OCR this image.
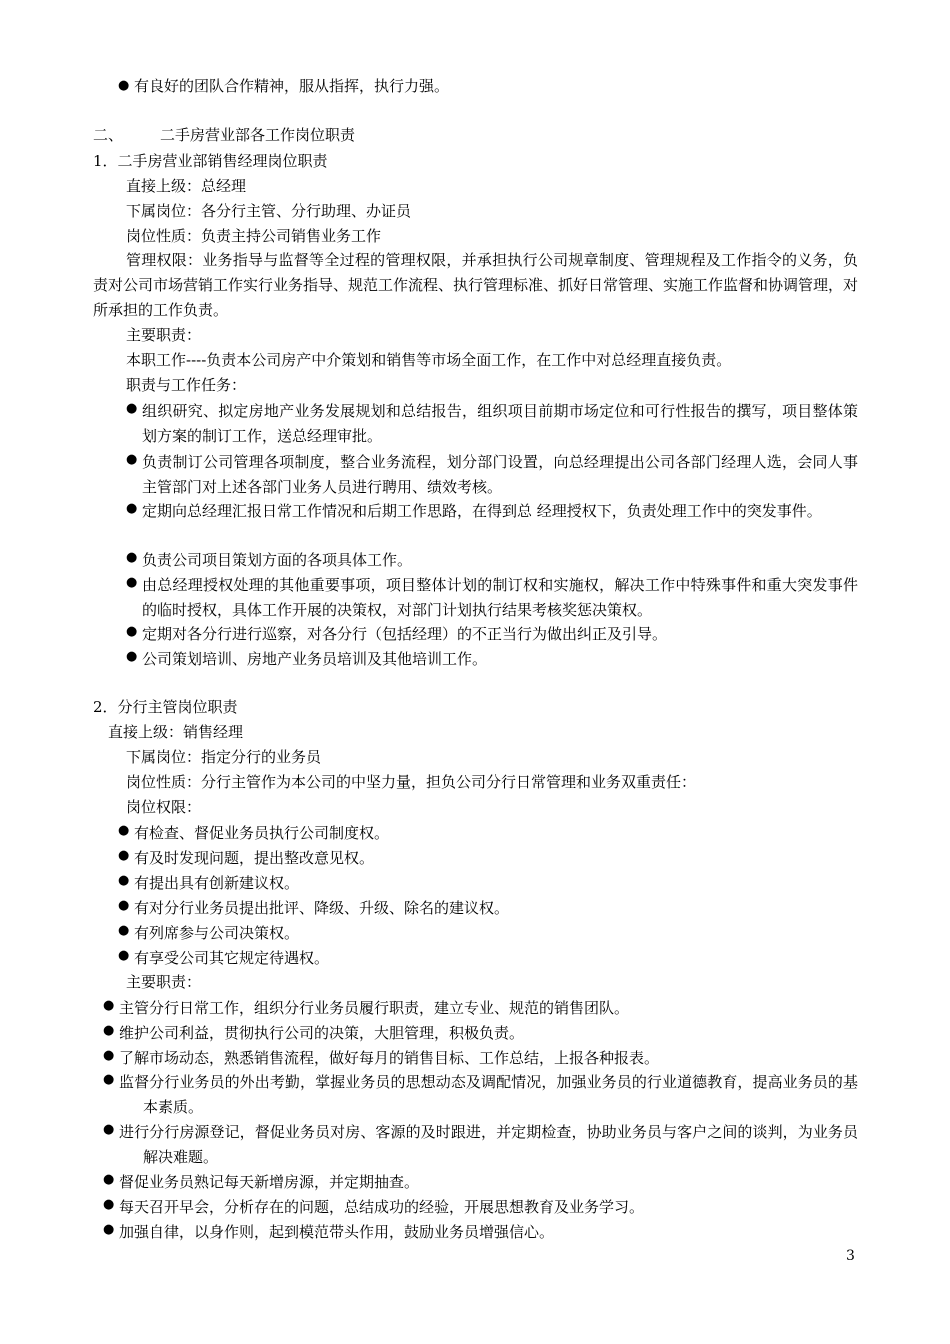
● 有良好的团队合作精神，服从指挥，执行力强。
二、 二手房营业部各工作岗位职责
1．二手房营业部销售经理岗位职责
直接上级：总经理
下属岗位：各分行主管、分行助理、办证员
岗位性质：负责主持公司销售业务工作
管理权限：业务指导与监督等全过程的管理权限，并承担执行公司规章制度、管理规程及工作指令的义务，负责对公司市场营销工作实行业务指导、规范工作流程、执行管理标准、抓好日常管理、实施工作监督和协调管理，对所承担的工作负责。
主要职责：
本职工作----负责本公司房产中介策划和销售等市场全面工作，在工作中对总经理直接负责。
职责与工作任务：
● 组织研究、拟定房地产业务发展规划和总结报告，组织项目前期市场定位和可行性报告的撰写，项目整体策划方案的制订工作，送总经理审批。
● 负责制订公司管理各项制度，整合业务流程，划分部门设置，向总经理提出公司各部门经理人选，会同人事主管部门对上述各部门业务人员进行聘用、绩效考核。
● 定期向总经理汇报日常工作情况和后期工作思路，在得到总 经理授权下，负责处理工作中的突发事件。
● 负责公司项目策划方面的各项具体工作。
● 由总经理授权处理的其他重要事项，项目整体计划的制订权和实施权，解决工作中特殊事件和重大突发事件的临时授权，具体工作开展的决策权，对部门计划执行结果考核奖惩决策权。
● 定期对各分行进行巡察，对各分行（包括经理）的不正当行为做出纠正及引导。
● 公司策划培训、房地产业务员培训及其他培训工作。
2．分行主管岗位职责
直接上级：销售经理
下属岗位：指定分行的业务员
岗位性质：分行主管作为本公司的中坚力量，担负公司分行日常管理和业务双重责任：
岗位权限：
● 有检查、督促业务员执行公司制度权。
● 有及时发现问题，提出整改意见权。
● 有提出具有创新建议权。
● 有对分行业务员提出批评、降级、升级、除名的建议权。
● 有列席参与公司决策权。
● 有享受公司其它规定待遇权。
主要职责：
● 主管分行日常工作，组织分行业务员履行职责，建立专业、规范的销售团队。
● 维护公司利益，贯彻执行公司的决策，大胆管理，积极负责。
● 了解市场动态，熟悉销售流程，做好每月的销售目标、工作总结，上报各种报表。
● 监督分行业务员的外出考勤，掌握业务员的思想动态及调配情况，加强业务员的行业道德教育，提高业务员的基本素质。
● 进行分行房源登记，督促业务员对房、客源的及时跟进，并定期检查，协助业务员与客户之间的谈判，为业务员解决难题。
● 督促业务员熟记每天新增房源，并定期抽查。
● 每天召开早会，分析存在的问题，总结成功的经验，开展思想教育及业务学习。
● 加强自律，以身作则，起到模范带头作用，鼓励业务员增强信心。
3
